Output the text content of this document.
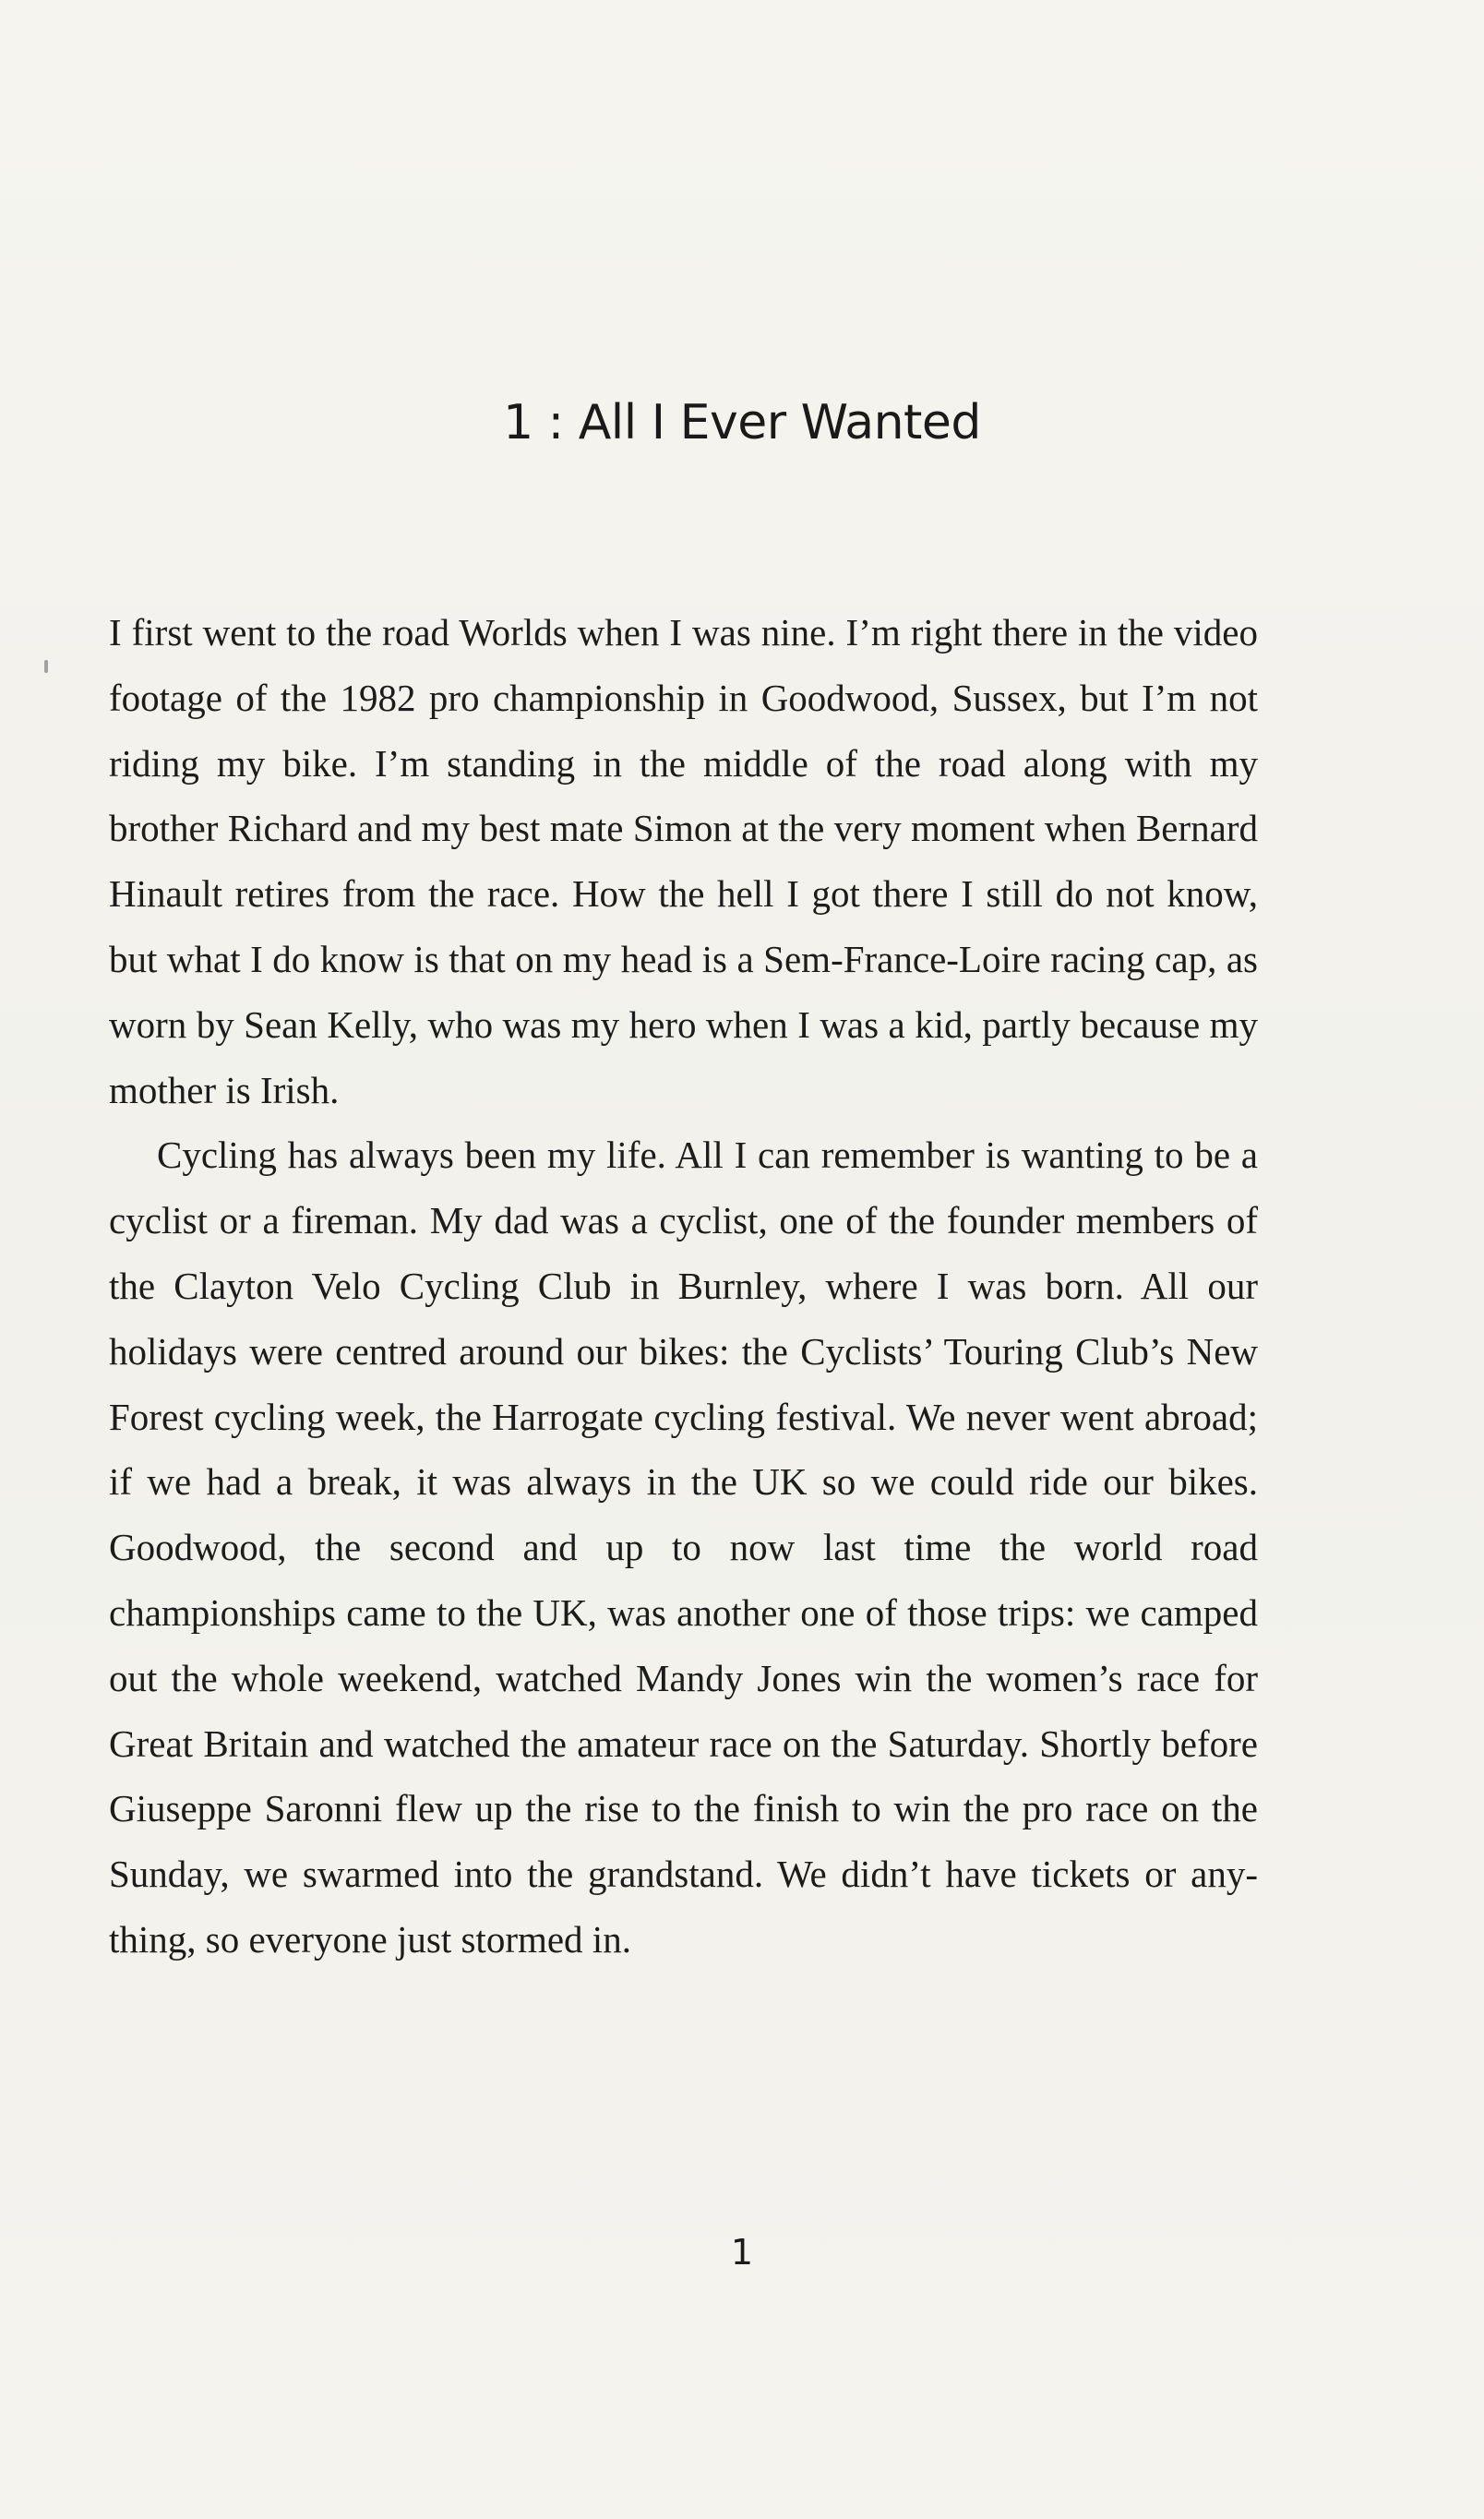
1 : All I Ever Wanted

I first went to the road Worlds when I was nine. I’m right there in the video footage of the 1982 pro championship in Goodwood, Sussex, but I’m not riding my bike. I’m standing in the middle of the road along with my brother Richard and my best mate Simon at the very moment when Bernard Hinault retires from the race. How the hell I got there I still do not know, but what I do know is that on my head is a Sem-France-Loire racing cap, as worn by Sean Kelly, who was my hero when I was a kid, partly because my mother is Irish.

Cycling has always been my life. All I can remember is wanting to be a cyclist or a fireman. My dad was a cyclist, one of the founder members of the Clayton Velo Cycling Club in Burnley, where I was born. All our holidays were centred around our bikes: the Cyclists’ Touring Club’s New Forest cycling week, the Harrogate cycling festival. We never went abroad; if we had a break, it was always in the UK so we could ride our bikes. Goodwood, the second and up to now last time the world road championships came to the UK, was another one of those trips: we camped out the whole weekend, watched Mandy Jones win the women’s race for Great Britain and watched the amateur race on the Saturday. Shortly before Giuseppe Saronni flew up the rise to the finish to win the pro race on the Sunday, we swarmed into the grandstand. We didn’t have tickets or anything, so everyone just stormed in.

1
